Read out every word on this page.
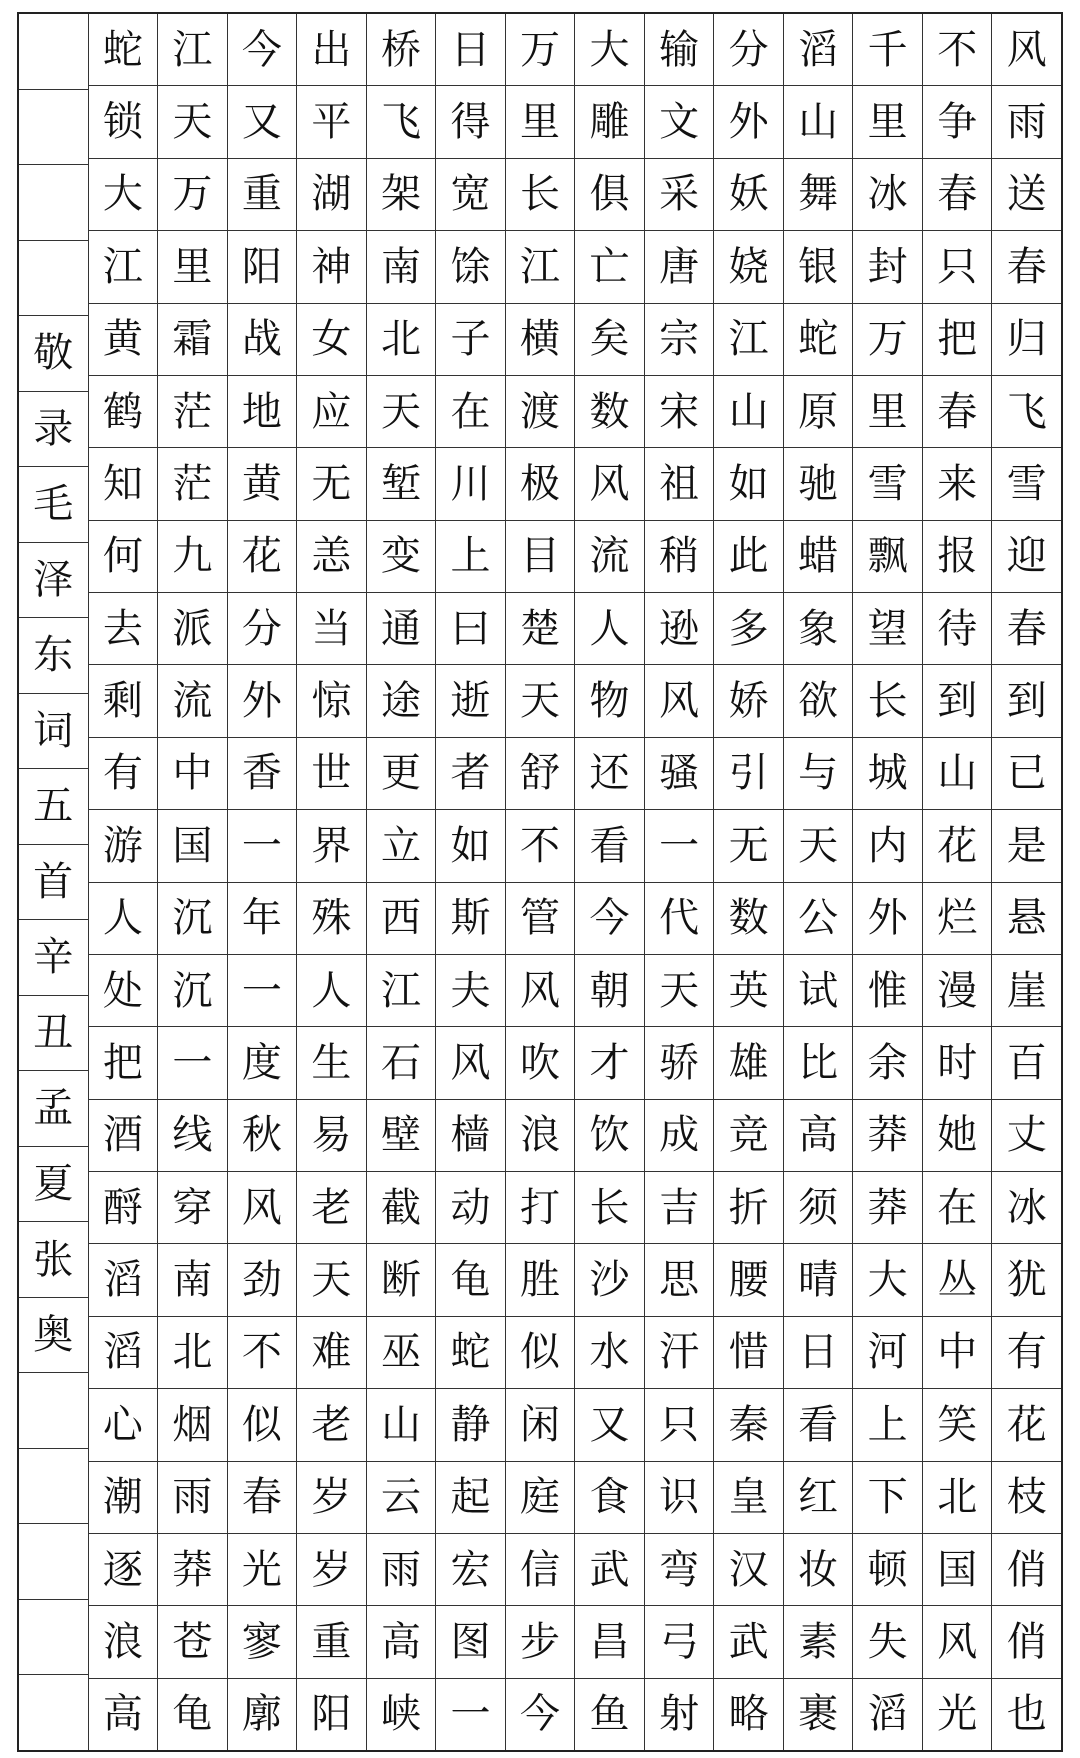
风
雨
送
春
归
飞
雪
迎
春
到
已
是
悬
崖
百
丈
冰
犹
有
花
枝
俏
俏
也
不
争
春
只
把
春
来
报
待
到
山
花
烂
漫
时
她
在
丛
中
笑
北
国
风
光
千
里
冰
封
万
里
雪
飘
望
长
城
内
外
惟
余
莽
莽
大
河
上
下
顿
失
滔
滔
山
舞
银
蛇
原
驰
蜡
象
欲
与
天
公
试
比
高
须
晴
日
看
红
妆
素
裹
分
外
妖
娆
江
山
如
此
多
娇
引
无
数
英
雄
竞
折
腰
惜
秦
皇
汉
武
略
输
文
采
唐
宗
宋
祖
稍
逊
风
骚
一
代
天
骄
成
吉
思
汗
只
识
弯
弓
射
大
雕
俱
亡
矣
数
风
流
人
物
还
看
今
朝
才
饮
长
沙
水
又
食
武
昌
鱼
万
里
长
江
横
渡
极
目
楚
天
舒
不
管
风
吹
浪
打
胜
似
闲
庭
信
步
今
日
得
宽
馀
子
在
川
上
曰
逝
者
如
斯
夫
风
樯
动
龟
蛇
静
起
宏
图
一
桥
飞
架
南
北
天
堑
变
通
途
更
立
西
江
石
壁
截
断
巫
山
云
雨
高
峡
出
平
湖
神
女
应
无
恙
当
惊
世
界
殊
人
生
易
老
天
难
老
岁
岁
重
阳
今
又
重
阳
战
地
黄
花
分
外
香
一
年
一
度
秋
风
劲
不
似
春
光
寥
廓
江
天
万
里
霜
茫
茫
九
派
流
中
国
沉
沉
一
线
穿
南
北
烟
雨
莽
苍
龟
蛇
锁
大
江
黄
鹤
知
何
去
剩
有
游
人
处
把
酒
酹
滔
滔
心
潮
逐
浪
高
敬
录
毛
泽
东
词
五
首
辛
丑
孟
夏
张
奥
